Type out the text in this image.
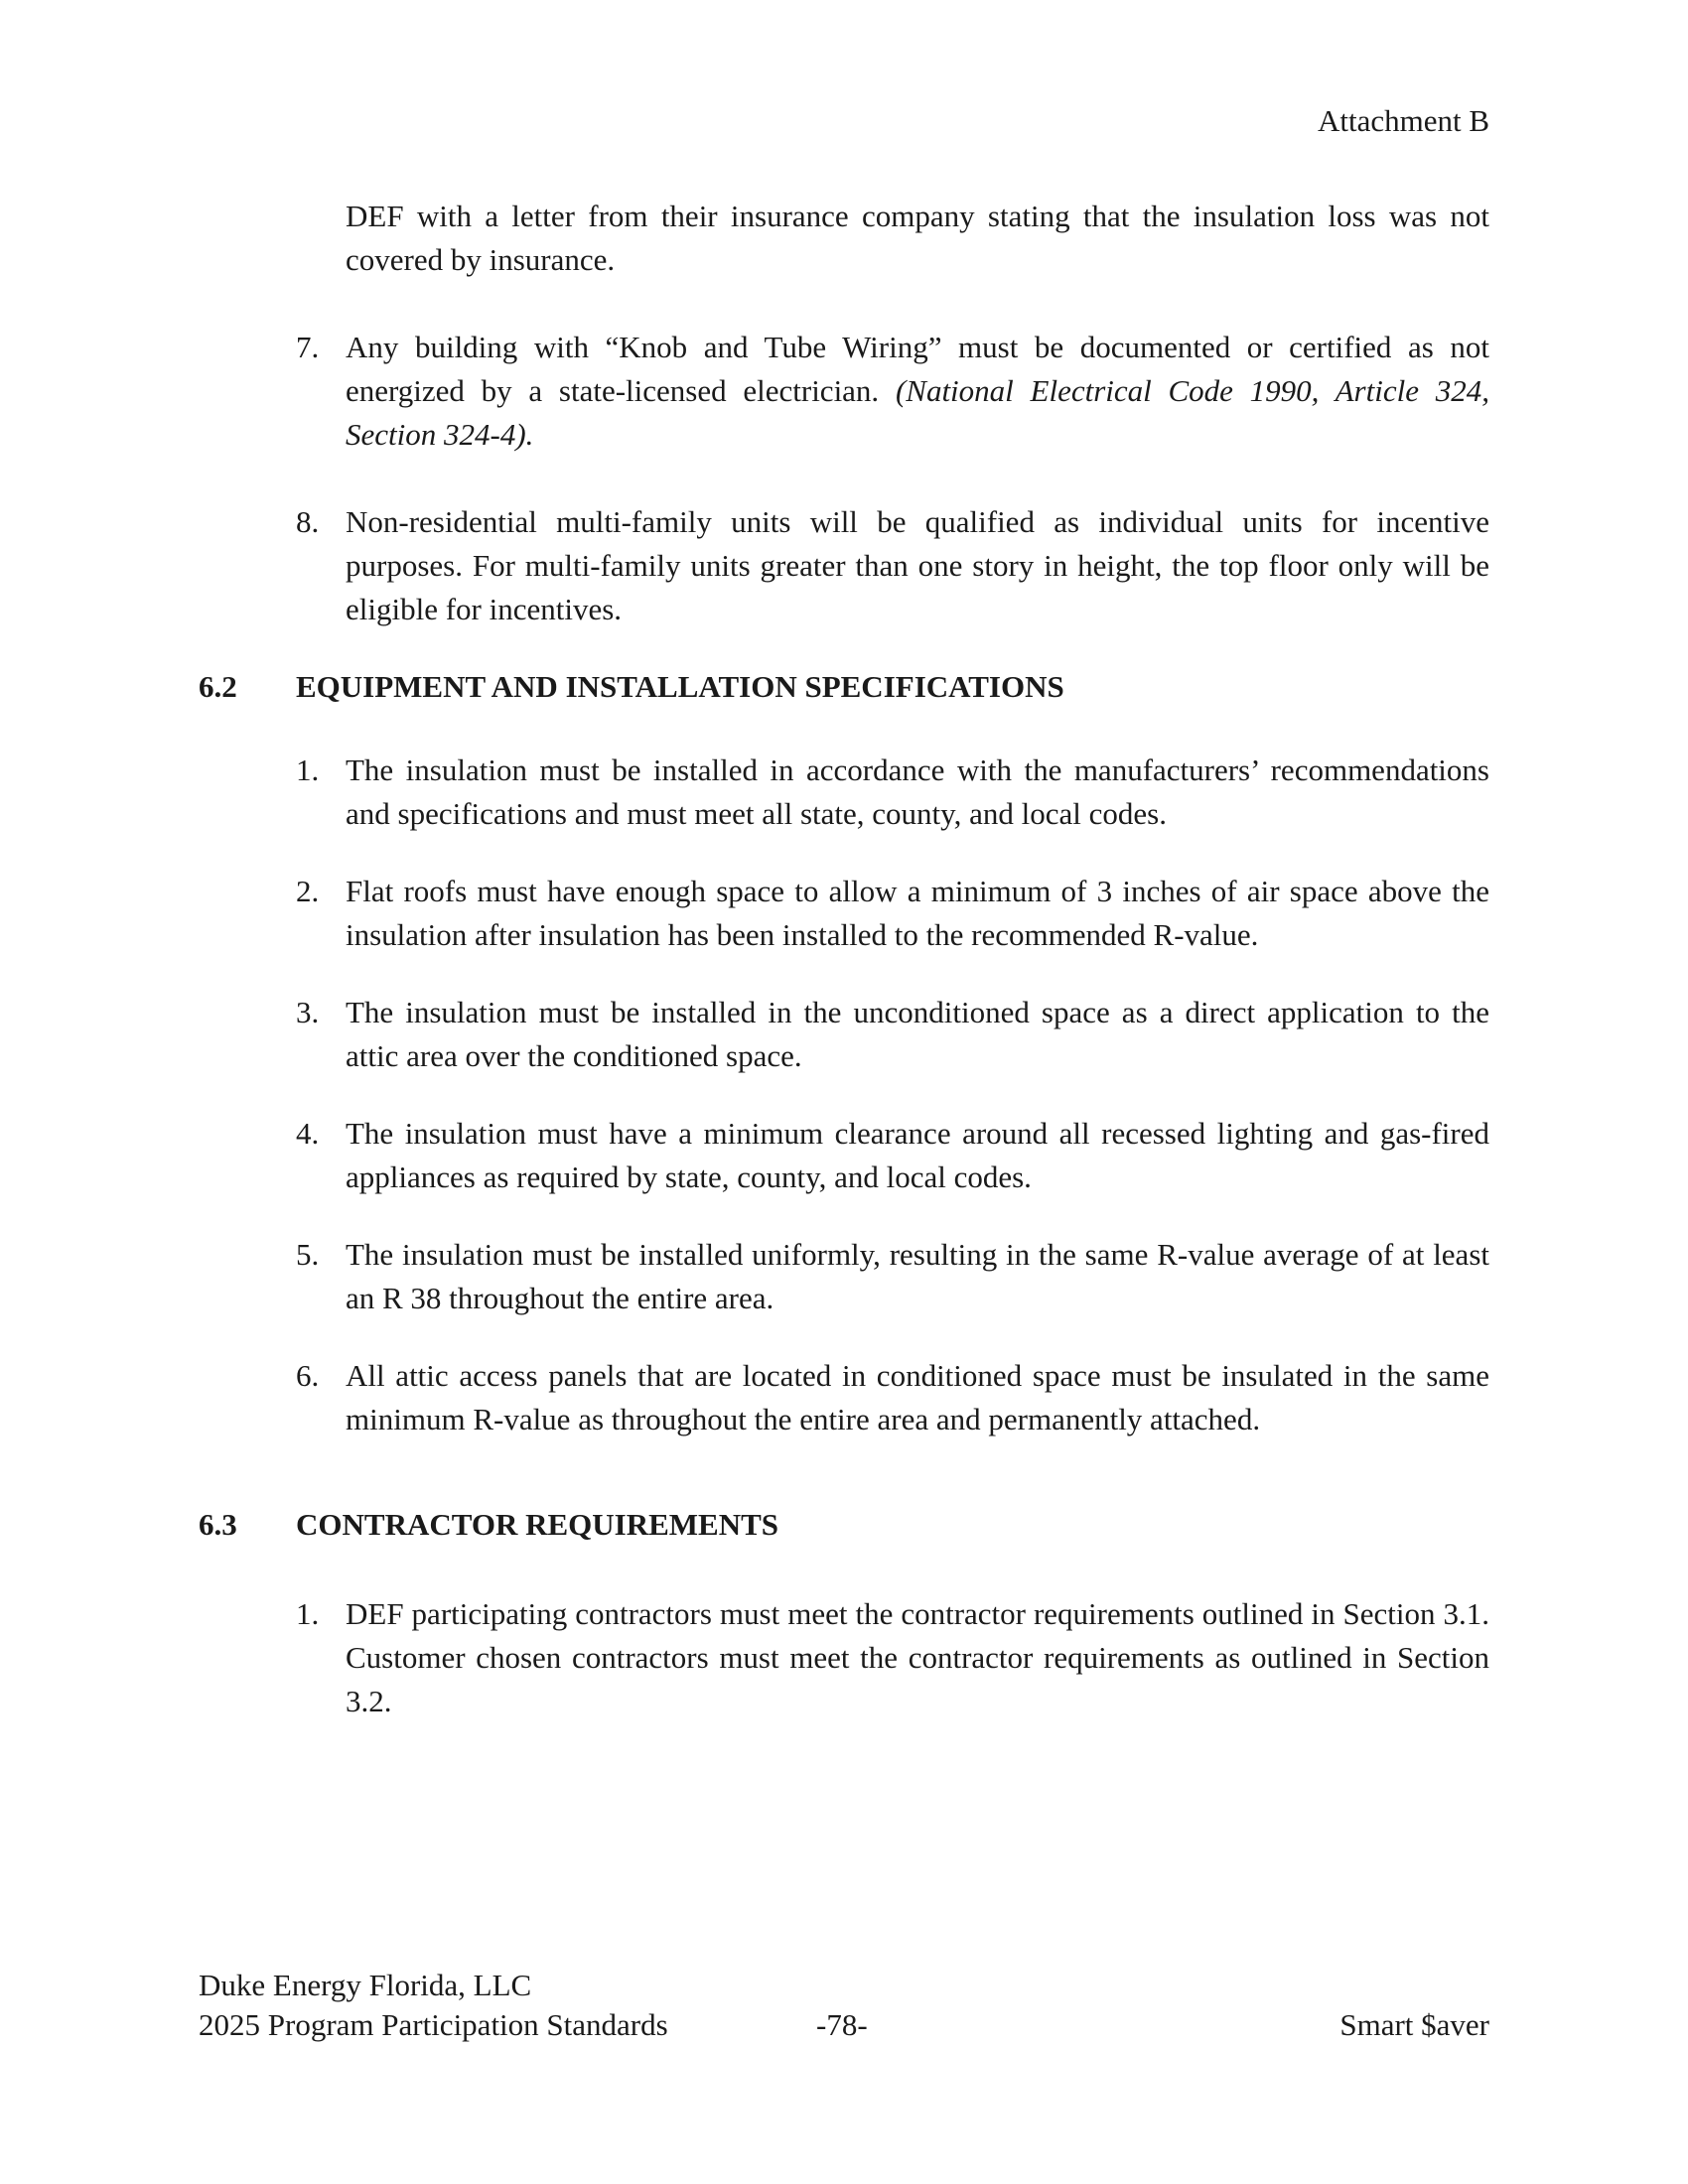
Attachment B
DEF with a letter from their insurance company stating that the insulation loss was not covered by insurance.
7. Any building with “Knob and Tube Wiring” must be documented or certified as not energized by a state-licensed electrician. (National Electrical Code 1990, Article 324, Section 324-4).
8. Non-residential multi-family units will be qualified as individual units for incentive purposes. For multi-family units greater than one story in height, the top floor only will be eligible for incentives.
6.2 EQUIPMENT AND INSTALLATION SPECIFICATIONS
1. The insulation must be installed in accordance with the manufacturers’ recommendations and specifications and must meet all state, county, and local codes.
2. Flat roofs must have enough space to allow a minimum of 3 inches of air space above the insulation after insulation has been installed to the recommended R-value.
3. The insulation must be installed in the unconditioned space as a direct application to the attic area over the conditioned space.
4. The insulation must have a minimum clearance around all recessed lighting and gas-fired appliances as required by state, county, and local codes.
5. The insulation must be installed uniformly, resulting in the same R-value average of at least an R 38 throughout the entire area.
6. All attic access panels that are located in conditioned space must be insulated in the same minimum R-value as throughout the entire area and permanently attached.
6.3 CONTRACTOR REQUIREMENTS
1. DEF participating contractors must meet the contractor requirements outlined in Section 3.1. Customer chosen contractors must meet the contractor requirements as outlined in Section 3.2.
Duke Energy Florida, LLC
2025 Program Participation Standards	-78-	Smart $aver
